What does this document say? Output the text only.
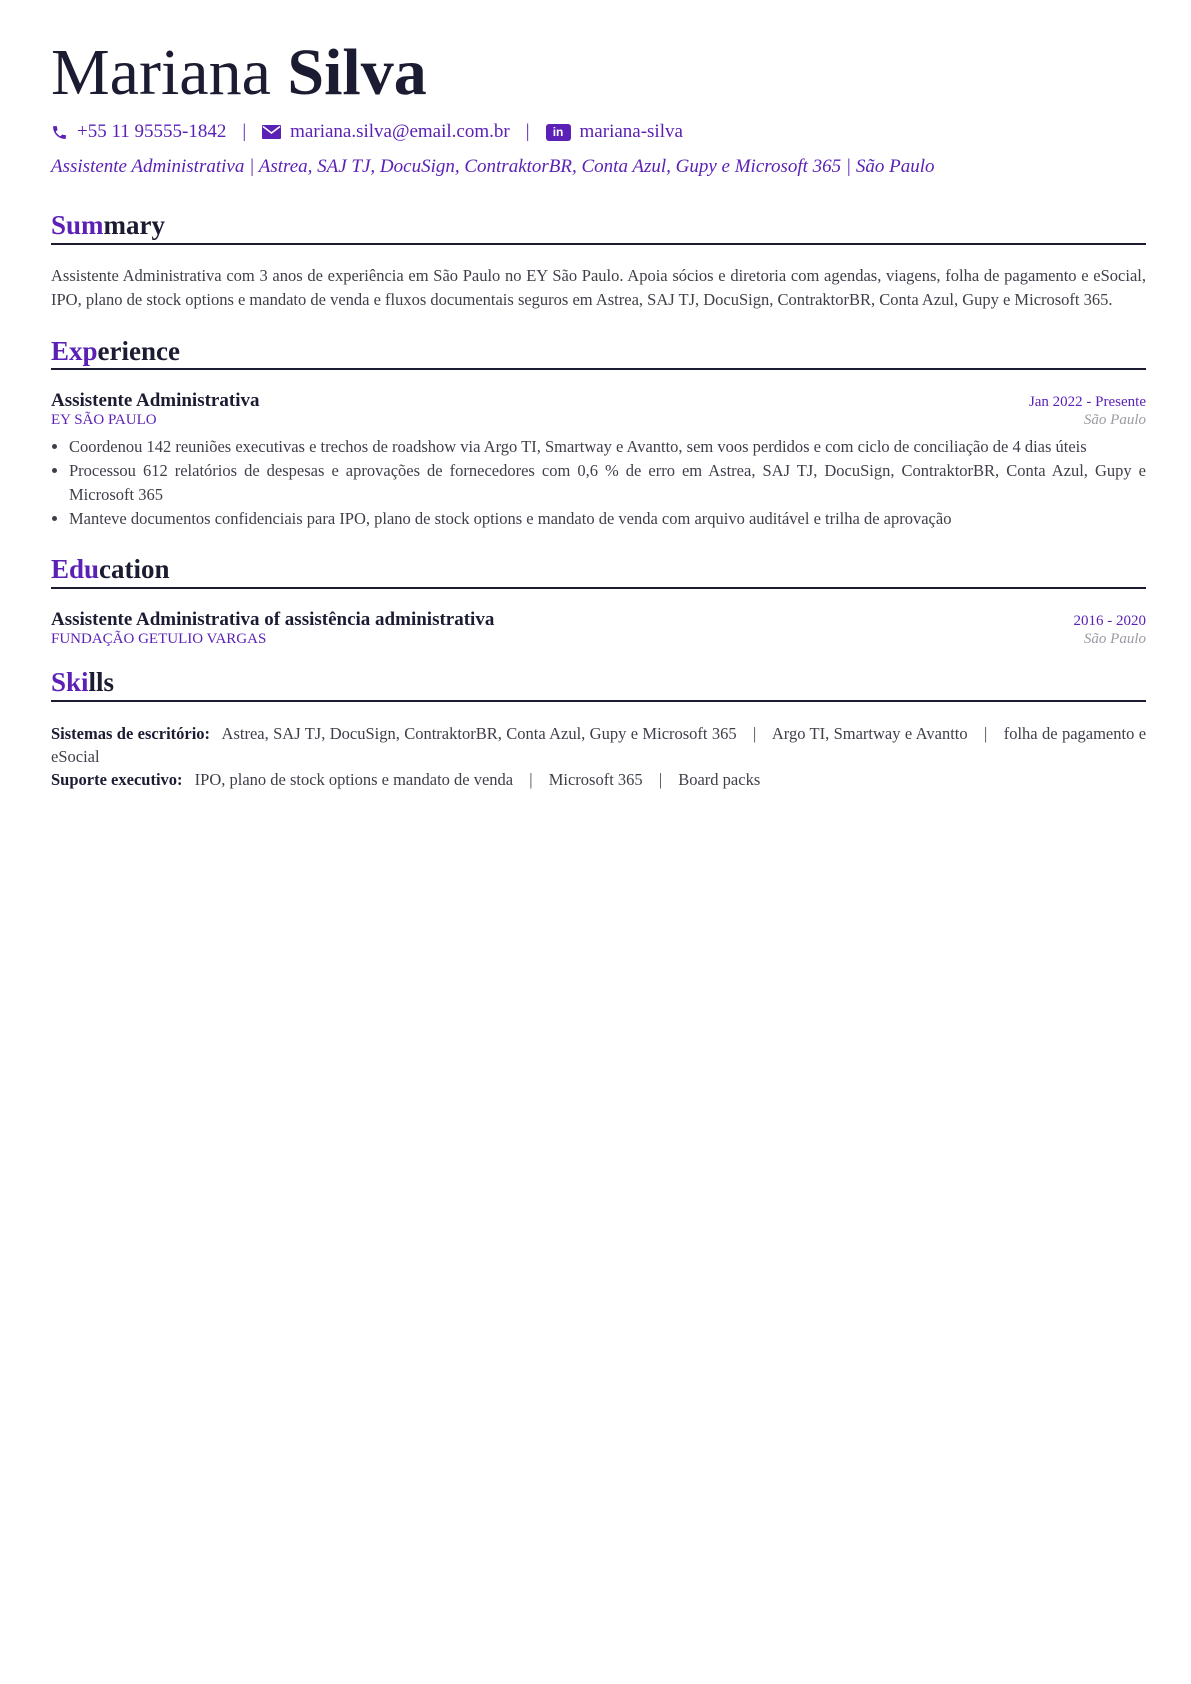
Mariana Silva
+55 11 95555-1842 | mariana.silva@email.com.br |	in mariana-silva
Assistente Administrativa | Astrea, SAJ TJ, DocuSign, ContraktorBR, Conta Azul, Gupy e Microsoft 365 | São Paulo
Summary
Assistente Administrativa com 3 anos de experiência em São Paulo no EY São Paulo. Apoia sócios e diretoria com agendas, viagens, folha de pagamento e eSocial, IPO, plano de stock options e mandato de venda e fluxos documentais seguros em Astrea, SAJ TJ, DocuSign, ContraktorBR, Conta Azul, Gupy e Microsoft 365.
Experience
Assistente Administrativa	Jan 2022 - Presente
EY SÃO PAULO	São Paulo
• Coordenou 142 reuniões executivas e trechos de roadshow via Argo TI, Smartway e Avantto, sem voos perdidos e com ciclo de conciliação de 4 dias úteis
• Processou 612 relatórios de despesas e aprovações de fornecedores com 0,6 % de erro em Astrea, SAJ TJ, DocuSign, ContraktorBR, Conta Azul, Gupy e Microsoft 365
• Manteve documentos confidenciais para IPO, plano de stock options e mandato de venda com arquivo auditável e trilha de aprovação
Education
Assistente Administrativa of assistência administrativa	2016 - 2020
FUNDAÇÃO GETULIO VARGAS	São Paulo
Skills
Sistemas de escritório: Astrea, SAJ TJ, DocuSign, ContraktorBR, Conta Azul, Gupy e Microsoft 365 | Argo TI, Smartway e Avantto | folha de pagamento e eSocial
Suporte executivo: IPO, plano de stock options e mandato de venda | Microsoft 365 | Board packs
